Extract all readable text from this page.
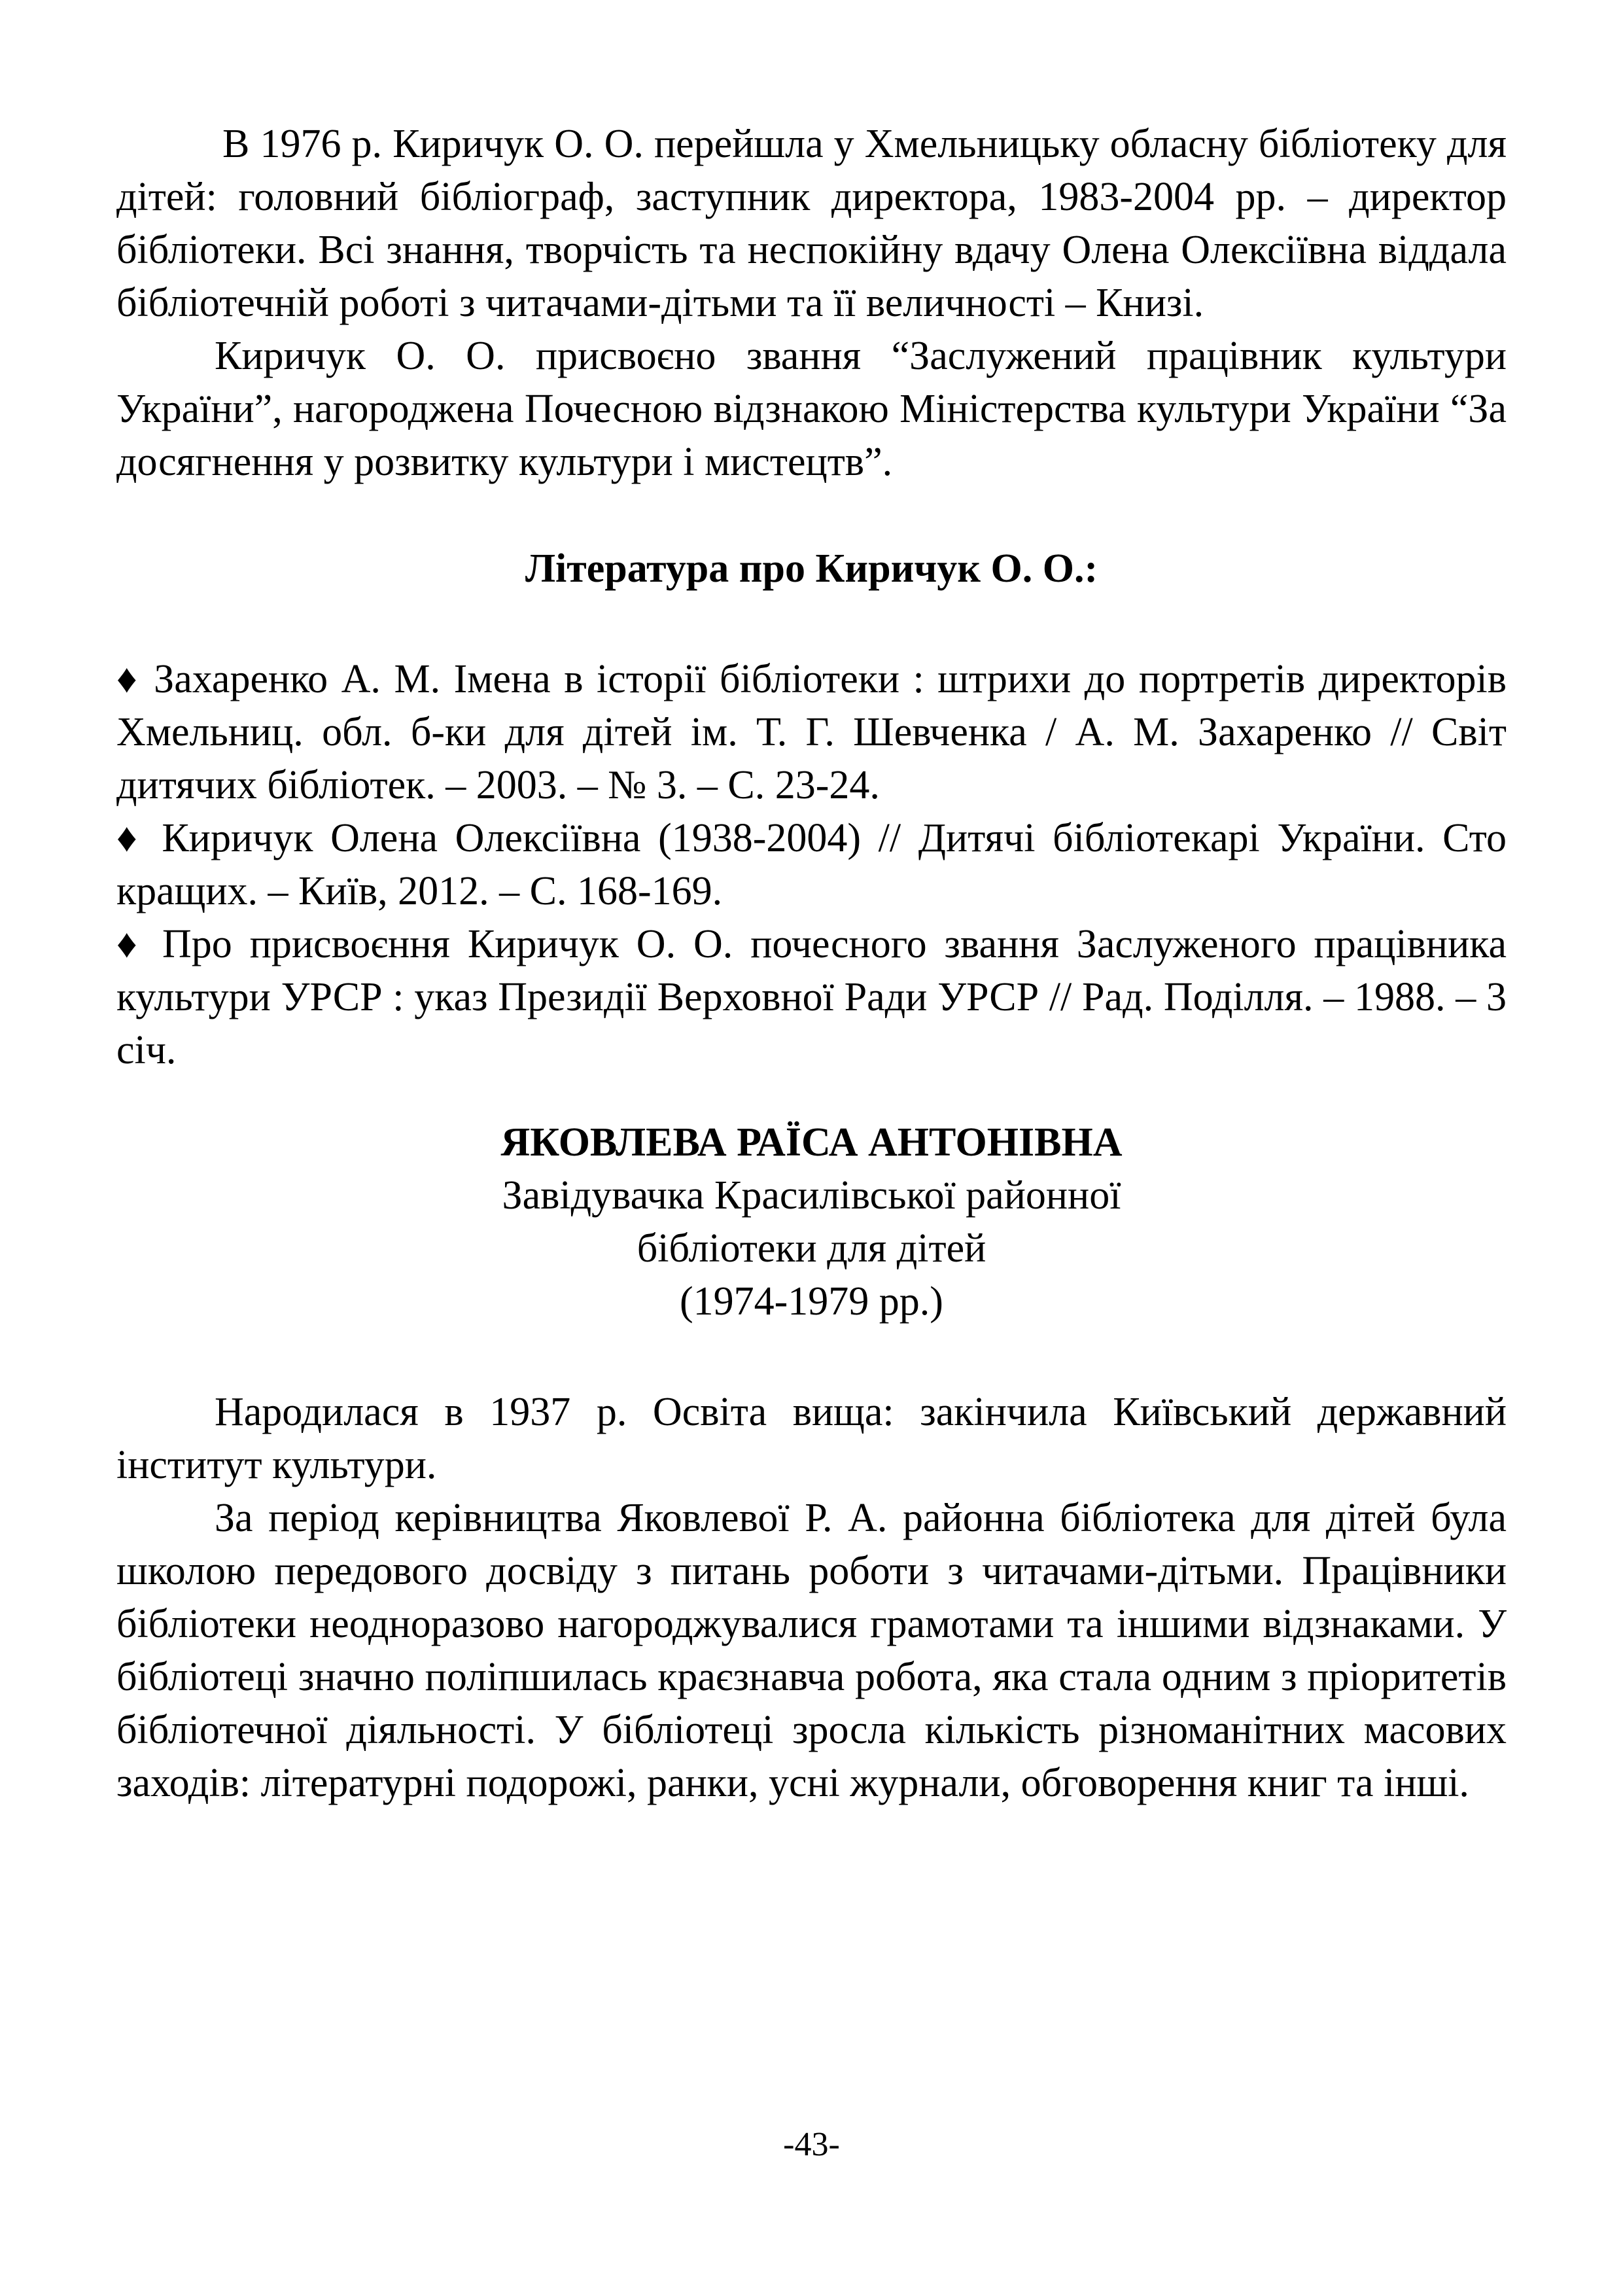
В 1976 р. Киричук О. О. перейшла у Хмельницьку обласну бібліотеку для дітей: головний бібліограф, заступник директора, 1983-2004 рр. – директор бібліотеки. Всі знання, творчість та неспокійну вдачу Олена Олексіївна віддала бібліотечній роботі з читачами-дітьми та її величності – Книзі.

Киричук О. О. присвоєно звання “Заслужений працівник культури України”, нагороджена Почесною відзнакою Міністерства культури України “За досягнення у розвитку культури і мистецтв”.

Література про Киричук О. О.:

♦ Захаренко А. М. Імена в історії бібліотеки : штрихи до портретів директорів Хмельниц. обл. б-ки для дітей ім. Т. Г. Шевченка / А. М. Захаренко // Світ дитячих бібліотек. – 2003. – № 3. – С. 23-24.

♦ Киричук Олена Олексіївна (1938-2004) // Дитячі бібліотекарі України. Сто кращих. – Київ, 2012. – С. 168-169.

♦ Про присвоєння Киричук О. О. почесного звання Заслуженого працівника культури УРСР : указ Президії Верховної Ради УРСР // Рад. Поділля. – 1988. – 3 січ.

ЯКОВЛЕВА РАЇСА АНТОНІВНА

Завідувачка Красилівської районної

бібліотеки для дітей

(1974-1979 рр.)

Народилася в 1937 р. Освіта вища: закінчила Київський державний інститут культури.

За період керівництва Яковлевої Р. А. районна бібліотека для дітей була школою передового досвіду з питань роботи з читачами-дітьми. Працівники бібліотеки неодноразово нагороджувалися грамотами та іншими відзнаками. У бібліотеці значно поліпшилась краєзнавча робота, яка стала одним з пріоритетів бібліотечної діяльності. У бібліотеці зросла кількість різноманітних масових заходів: літературні подорожі, ранки, усні журнали, обговорення книг та інші.

-43-
